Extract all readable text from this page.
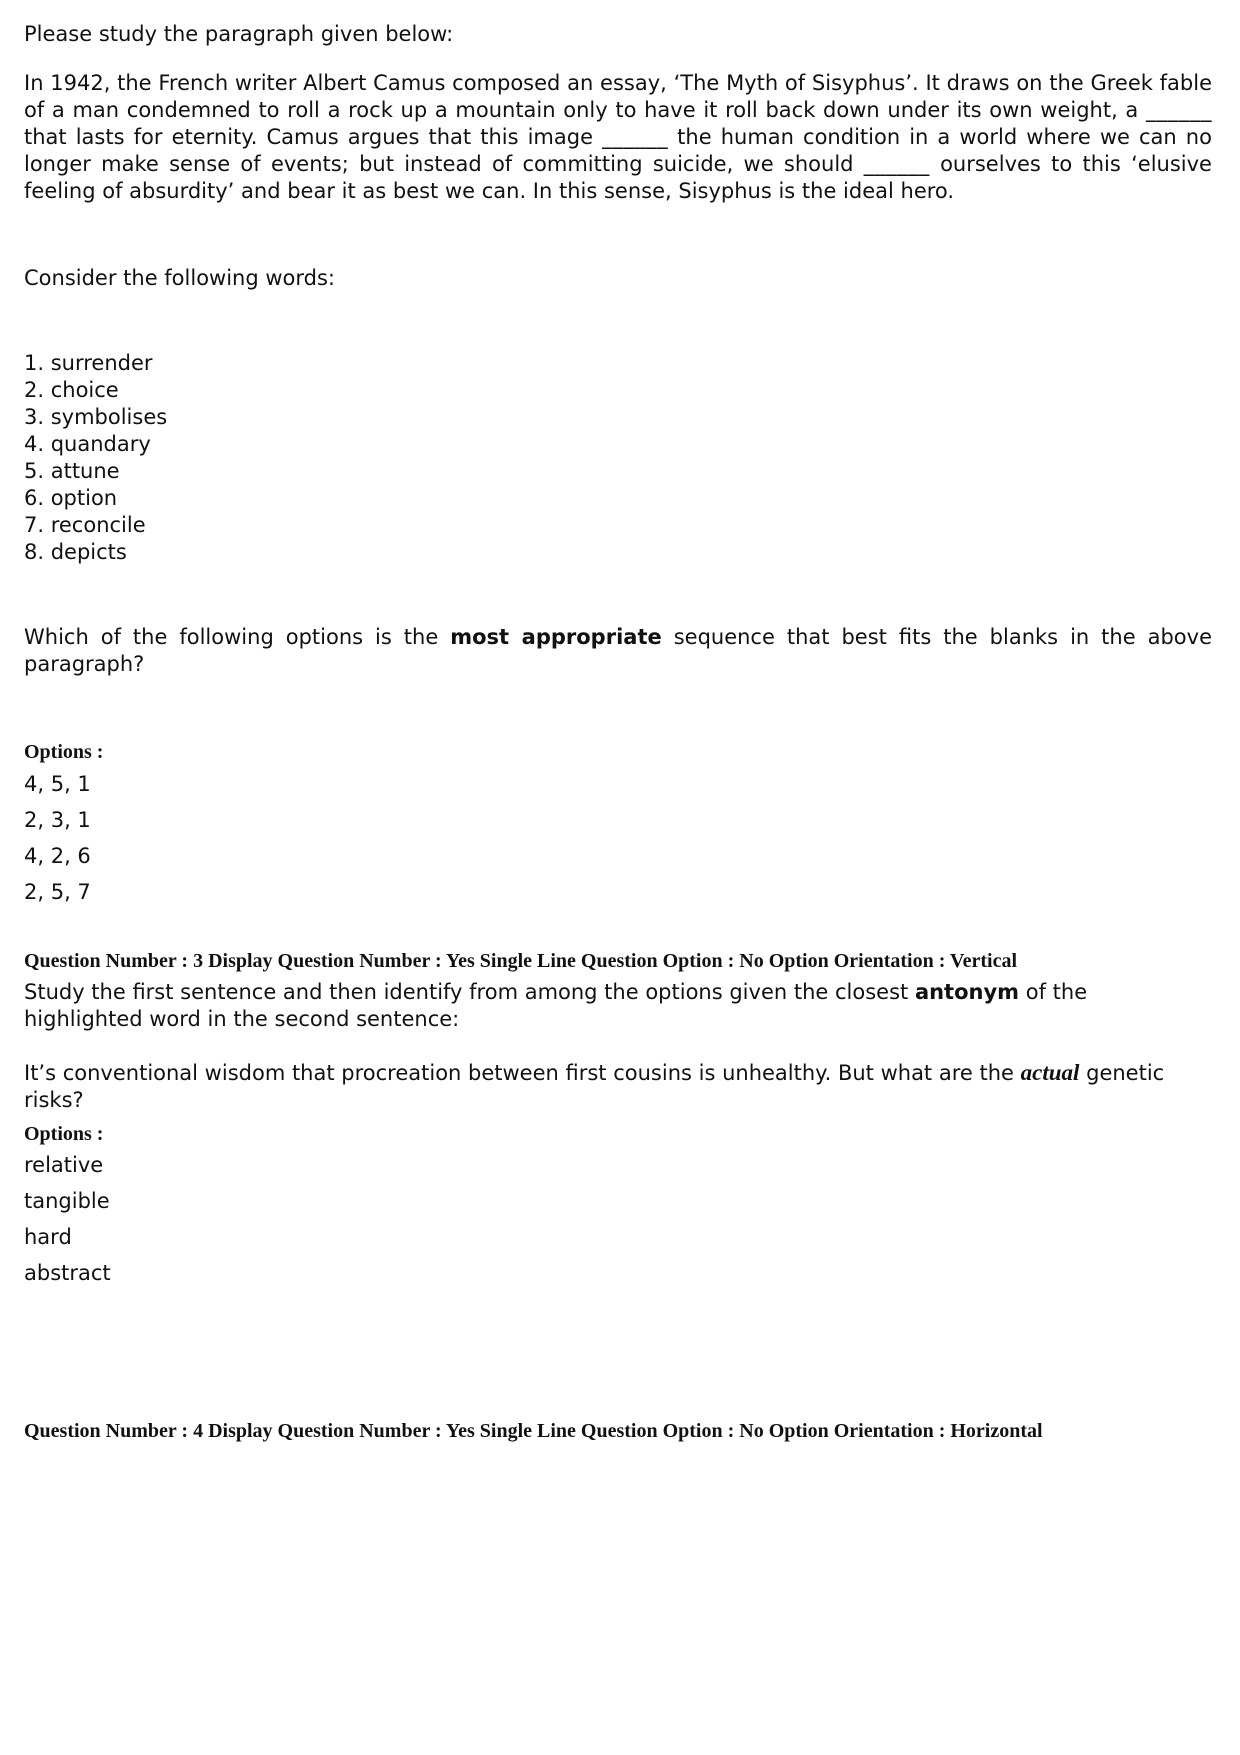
Please study the paragraph given below:

In 1942, the French writer Albert Camus composed an essay, ‘The Myth of Sisyphus’. It draws on the Greek fable of a man condemned to roll a rock up a mountain only to have it roll back down under its own weight, a ______ that lasts for eternity. Camus argues that this image ______ the human condition in a world where we can no longer make sense of events; but instead of committing suicide, we should ______ ourselves to this ‘elusive feeling of absurdity’ and bear it as best we can. In this sense, Sisyphus is the ideal hero.

Consider the following words:
1. surrender
2. choice
3. symbolises
4. quandary
5. attune
6. option
7. reconcile
8. depicts

Which of the following options is the most appropriate sequence that best fits the blanks in the above paragraph?

Options :
4, 5, 1
2, 3, 1
4, 2, 6
2, 5, 7
Question Number : 3 Display Question Number : Yes Single Line Question Option : No Option Orientation : Vertical

Study the first sentence and then identify from among the options given the closest antonym of the highlighted word in the second sentence:

It’s conventional wisdom that procreation between first cousins is unhealthy. But what are the actual genetic risks?

Options :
relative
tangible
hard
abstract
Question Number : 4 Display Question Number : Yes Single Line Question Option : No Option Orientation : Horizontal
